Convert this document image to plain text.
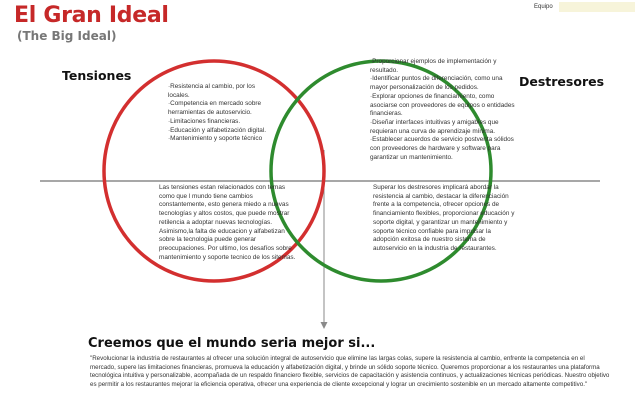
El Gran Ideal
(The Big Ideal)
Equipo
Tensiones	Destresores
·Resistencia al cambio, por los locales.
·Competencia en mercado sobre herramientas de autoservicio.
·Limitaciones financieras.
·Educación y alfabetización digital.
·Mantenimiento y soporte técnico
·Proporcionar ejemplos de implementación y resultado.
·Identificar puntos de diferenciación, como una mayor personalización de los pedidos.
·Explorar opciones de financiamiento, como asociarse con proveedores de equipos o entidades financieras.
·Diseñar interfaces intuitivas y amigables que requieran una curva de aprendizaje mínima.
·Establecer acuerdos de servicio postventa sólidos con proveedores de hardware y software para garantizar un mantenimiento.
Las tensiones estan relacionados con temas como que l mundo tiene cambios constantemente, esto genera miedo a nuevas tecnologías y altos costos, que puede mostrar retilencia a adoptar nuevas tecnologías. Asimismo,la falta de educacion y alfabetizan sobre la tecnologia puede generar preocupaciones. Por ultimo, los desafíos sobre mantenimiento y soporte tecnico de los sitemas.
Superar los destresores implicará abordar la resistencia al cambio, destacar la diferenciación frente a la competencia, ofrecer opciones de financiamiento flexibles, proporcionar educación y soporte digital, y garantizar un mantenimiento y soporte técnico confiable para impulsar la adopción exitosa de nuestro sistema de autoservicio en la industria de restaurantes.
Creemos que el mundo seria mejor si...

"Revolucionar la industria de restaurantes al ofrecer una solución integral de autoservicio que elimine las largas colas, supere la resistencia al cambio, enfrente la competencia en el mercado, supere las limitaciones financieras, promueva la educación y alfabetización digital, y brinde un sólido soporte técnico. Queremos proporcionar a los restaurantes una plataforma tecnológica intuitiva y personalizable, acompañada de un respaldo financiero flexible, servicios de capacitación y asistencia continuos, y actualizaciones técnicas periódicas. Nuestro objetivo es permitir a los restaurantes mejorar la eficiencia operativa, ofrecer una experiencia de cliente excepcional y lograr un crecimiento sostenible en un mercado altamente competitivo."
